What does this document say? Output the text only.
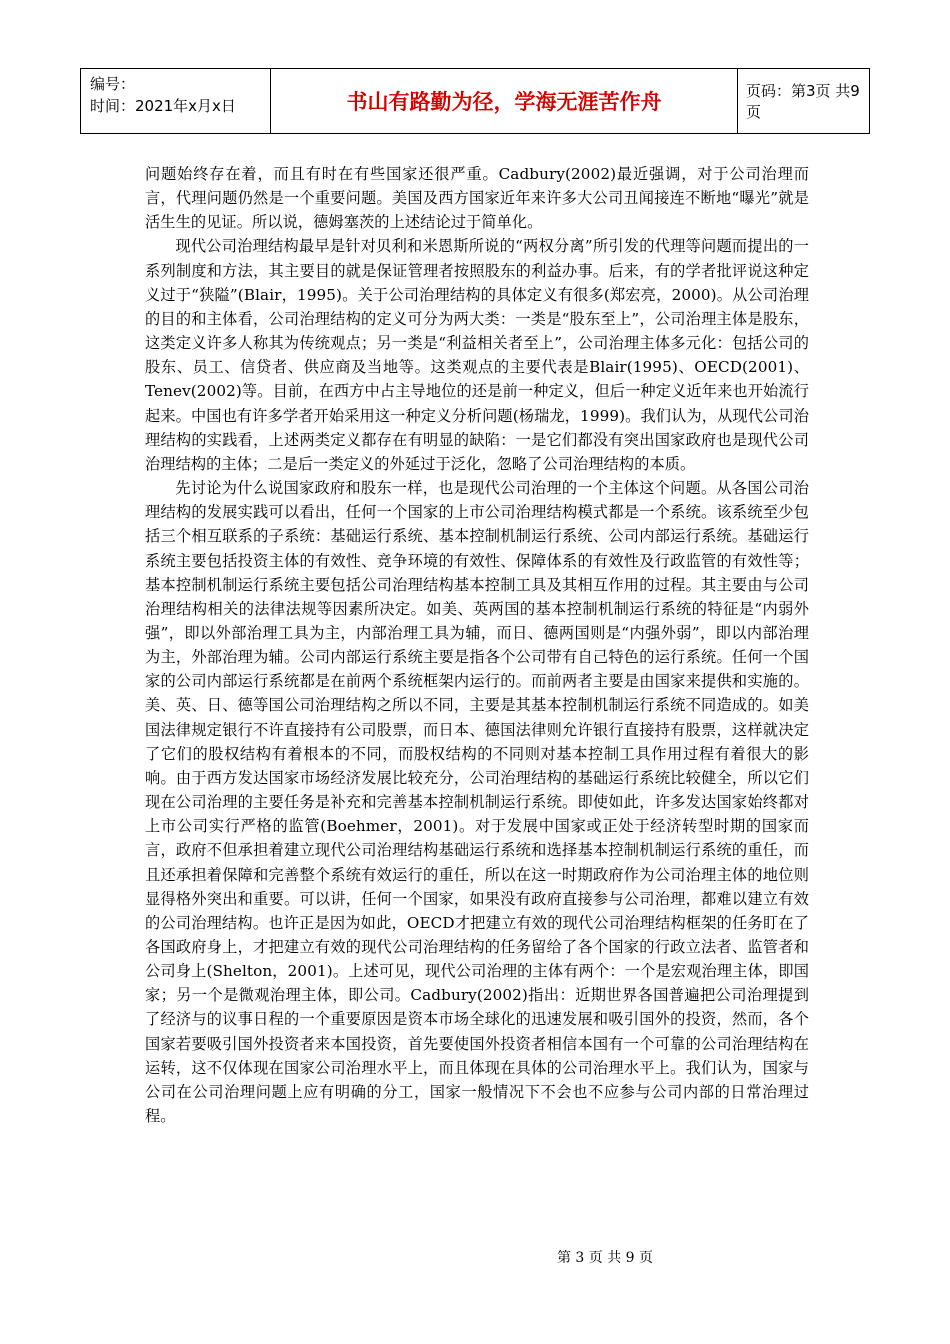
编号：
时间：2021年x月x日	书山有路勤为径，学海无涯苦作舟	页码：第3页 共9页

问题始终存在着，而且有时在有些国家还很严重。Cadbury(2002)最近强调，对于公司治理而言，代理问题仍然是一个重要问题。美国及西方国家近年来许多大公司丑闻接连不断地“曝光”就是活生生的见证。所以说，德姆塞茨的上述结论过于简单化。

现代公司治理结构最早是针对贝利和米恩斯所说的“两权分离”所引发的代理等问题而提出的一系列制度和方法，其主要目的就是保证管理者按照股东的利益办事。后来，有的学者批评说这种定义过于“狭隘”(Blair，1995)。关于公司治理结构的具体定义有很多(郑宏亮，2000)。从公司治理的目的和主体看，公司治理结构的定义可分为两大类：一类是“股东至上”，公司治理主体是股东，这类定义许多人称其为传统观点；另一类是“利益相关者至上”，公司治理主体多元化：包括公司的股东、员工、信贷者、供应商及当地等。这类观点的主要代表是Blair(1995)、OECD(2001)、Tenev(2002)等。目前，在西方中占主导地位的还是前一种定义，但后一种定义近年来也开始流行起来。中国也有许多学者开始采用这一种定义分析问题(杨瑞龙，1999)。我们认为，从现代公司治理结构的实践看，上述两类定义都存在有明显的缺陷：一是它们都没有突出国家政府也是现代公司治理结构的主体；二是后一类定义的外延过于泛化，忽略了公司治理结构的本质。

先讨论为什么说国家政府和股东一样，也是现代公司治理的一个主体这个问题。从各国公司治理结构的发展实践可以看出，任何一个国家的上市公司治理结构模式都是一个系统。该系统至少包括三个相互联系的子系统：基础运行系统、基本控制机制运行系统、公司内部运行系统。基础运行系统主要包括投资主体的有效性、竞争环境的有效性、保障体系的有效性及行政监管的有效性等；基本控制机制运行系统主要包括公司治理结构基本控制工具及其相互作用的过程。其主要由与公司治理结构相关的法律法规等因素所决定。如美、英两国的基本控制机制运行系统的特征是“内弱外强”，即以外部治理工具为主，内部治理工具为辅，而日、德两国则是“内强外弱”，即以内部治理为主，外部治理为辅。公司内部运行系统主要是指各个公司带有自己特色的运行系统。任何一个国家的公司内部运行系统都是在前两个系统框架内运行的。而前两者主要是由国家来提供和实施的。美、英、日、德等国公司治理结构之所以不同，主要是其基本控制机制运行系统不同造成的。如美国法律规定银行不许直接持有公司股票，而日本、德国法律则允许银行直接持有股票，这样就决定了它们的股权结构有着根本的不同，而股权结构的不同则对基本控制工具作用过程有着很大的影响。由于西方发达国家市场经济发展比较充分，公司治理结构的基础运行系统比较健全，所以它们现在公司治理的主要任务是补充和完善基本控制机制运行系统。即使如此，许多发达国家始终都对上市公司实行严格的监管(Boehmer，2001)。对于发展中国家或正处于经济转型时期的国家而言，政府不但承担着建立现代公司治理结构基础运行系统和选择基本控制机制运行系统的重任，而且还承担着保障和完善整个系统有效运行的重任，所以在这一时期政府作为公司治理主体的地位则显得格外突出和重要。可以讲，任何一个国家，如果没有政府直接参与公司治理，都难以建立有效的公司治理结构。也许正是因为如此，OECD才把建立有效的现代公司治理结构框架的任务盯在了各国政府身上，才把建立有效的现代公司治理结构的任务留给了各个国家的行政立法者、监管者和公司身上(Shelton，2001)。上述可见，现代公司治理的主体有两个：一个是宏观治理主体，即国家；另一个是微观治理主体，即公司。Cadbury(2002)指出：近期世界各国普遍把公司治理提到了经济与的议事日程的一个重要原因是资本市场全球化的迅速发展和吸引国外的投资，然而，各个国家若要吸引国外投资者来本国投资，首先要使国外投资者相信本国有一个可靠的公司治理结构在运转，这不仅体现在国家公司治理水平上，而且体现在具体的公司治理水平上。我们认为，国家与公司在公司治理问题上应有明确的分工，国家一般情况下不会也不应参与公司内部的日常治理过程。

第 3 页 共 9 页
